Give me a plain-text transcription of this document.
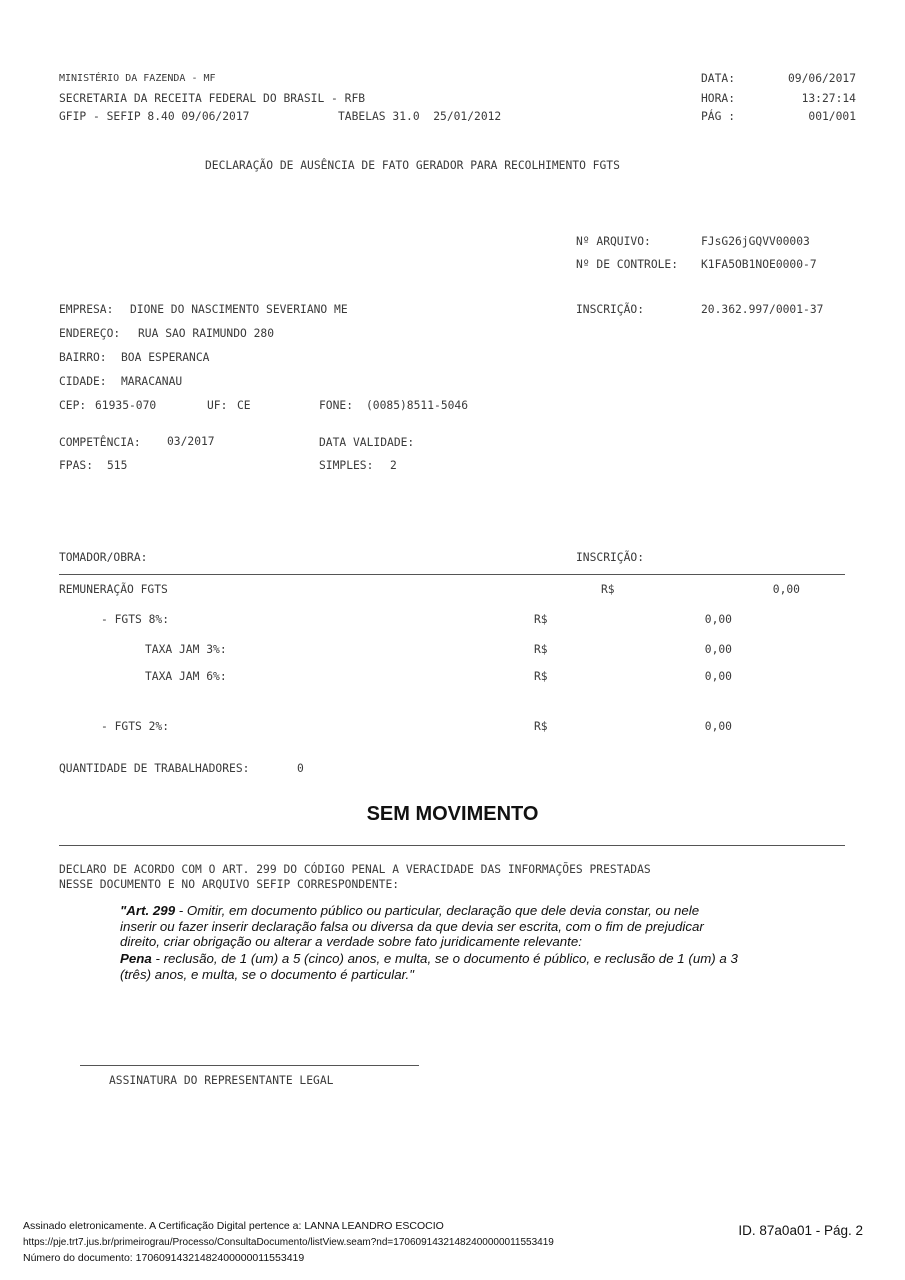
MINISTÉRIO DA FAZENDA - MF
SECRETARIA DA RECEITA FEDERAL DO BRASIL - RFB
GFIP - SEFIP 8.40 09/06/2017	TABELAS 31.0  25/01/2012
DATA:	09/06/2017
HORA:	13:27:14
PÁG :	001/001
DECLARAÇÃO DE AUSÊNCIA DE FATO GERADOR PARA RECOLHIMENTO FGTS
Nº ARQUIVO:	FJsG26jGQVV00003
Nº DE CONTROLE: K1FA5OB1NOE0000-7
EMPRESA: DIONE DO NASCIMENTO SEVERIANO ME	INSCRIÇÃO:	20.362.997/0001-37
ENDEREÇO: RUA SAO RAIMUNDO 280
BAIRRO: BOA ESPERANCA
CIDADE: MARACANAU
CEP: 61935-070	UF: CE	FONE: (0085)8511-5046
COMPETÊNCIA: 03/2017	DATA VALIDADE:
FPAS: 515	SIMPLES: 2
TOMADOR/OBRA:	INSCRIÇÃO:
REMUNERAÇÃO FGTS	R$	0,00
- FGTS 8%:	R$	0,00
TAXA JAM 3%:	R$	0,00
TAXA JAM 6%:	R$	0,00
- FGTS 2%:	R$	0,00
QUANTIDADE DE TRABALHADORES:	0
SEM MOVIMENTO
DECLARO DE ACORDO COM O ART. 299 DO CÓDIGO PENAL A VERACIDADE DAS INFORMAÇÕES PRESTADAS
NESSE DOCUMENTO E NO ARQUIVO SEFIP CORRESPONDENTE:
"Art. 299 - Omitir, em documento público ou particular, declaração que dele devia constar, ou nele
inserir ou fazer inserir declaração falsa ou diversa da que devia ser escrita, com o fim de prejudicar
direito, criar obrigação ou alterar a verdade sobre fato juridicamente relevante:
Pena - reclusão, de 1 (um) a 5 (cinco) anos, e multa, se o documento é público, e reclusão de 1 (um) a 3
(três) anos, e multa, se o documento é particular."
ASSINATURA DO REPRESENTANTE LEGAL
Assinado eletronicamente. A Certificação Digital pertence a: LANNA LEANDRO ESCOCIO
https://pje.trt7.jus.br/primeirograu/Processo/ConsultaDocumento/listView.seam?nd=17060914321482400000011553419
Número do documento: 17060914321482400000011553419
ID. 87a0a01 - Pág. 2
